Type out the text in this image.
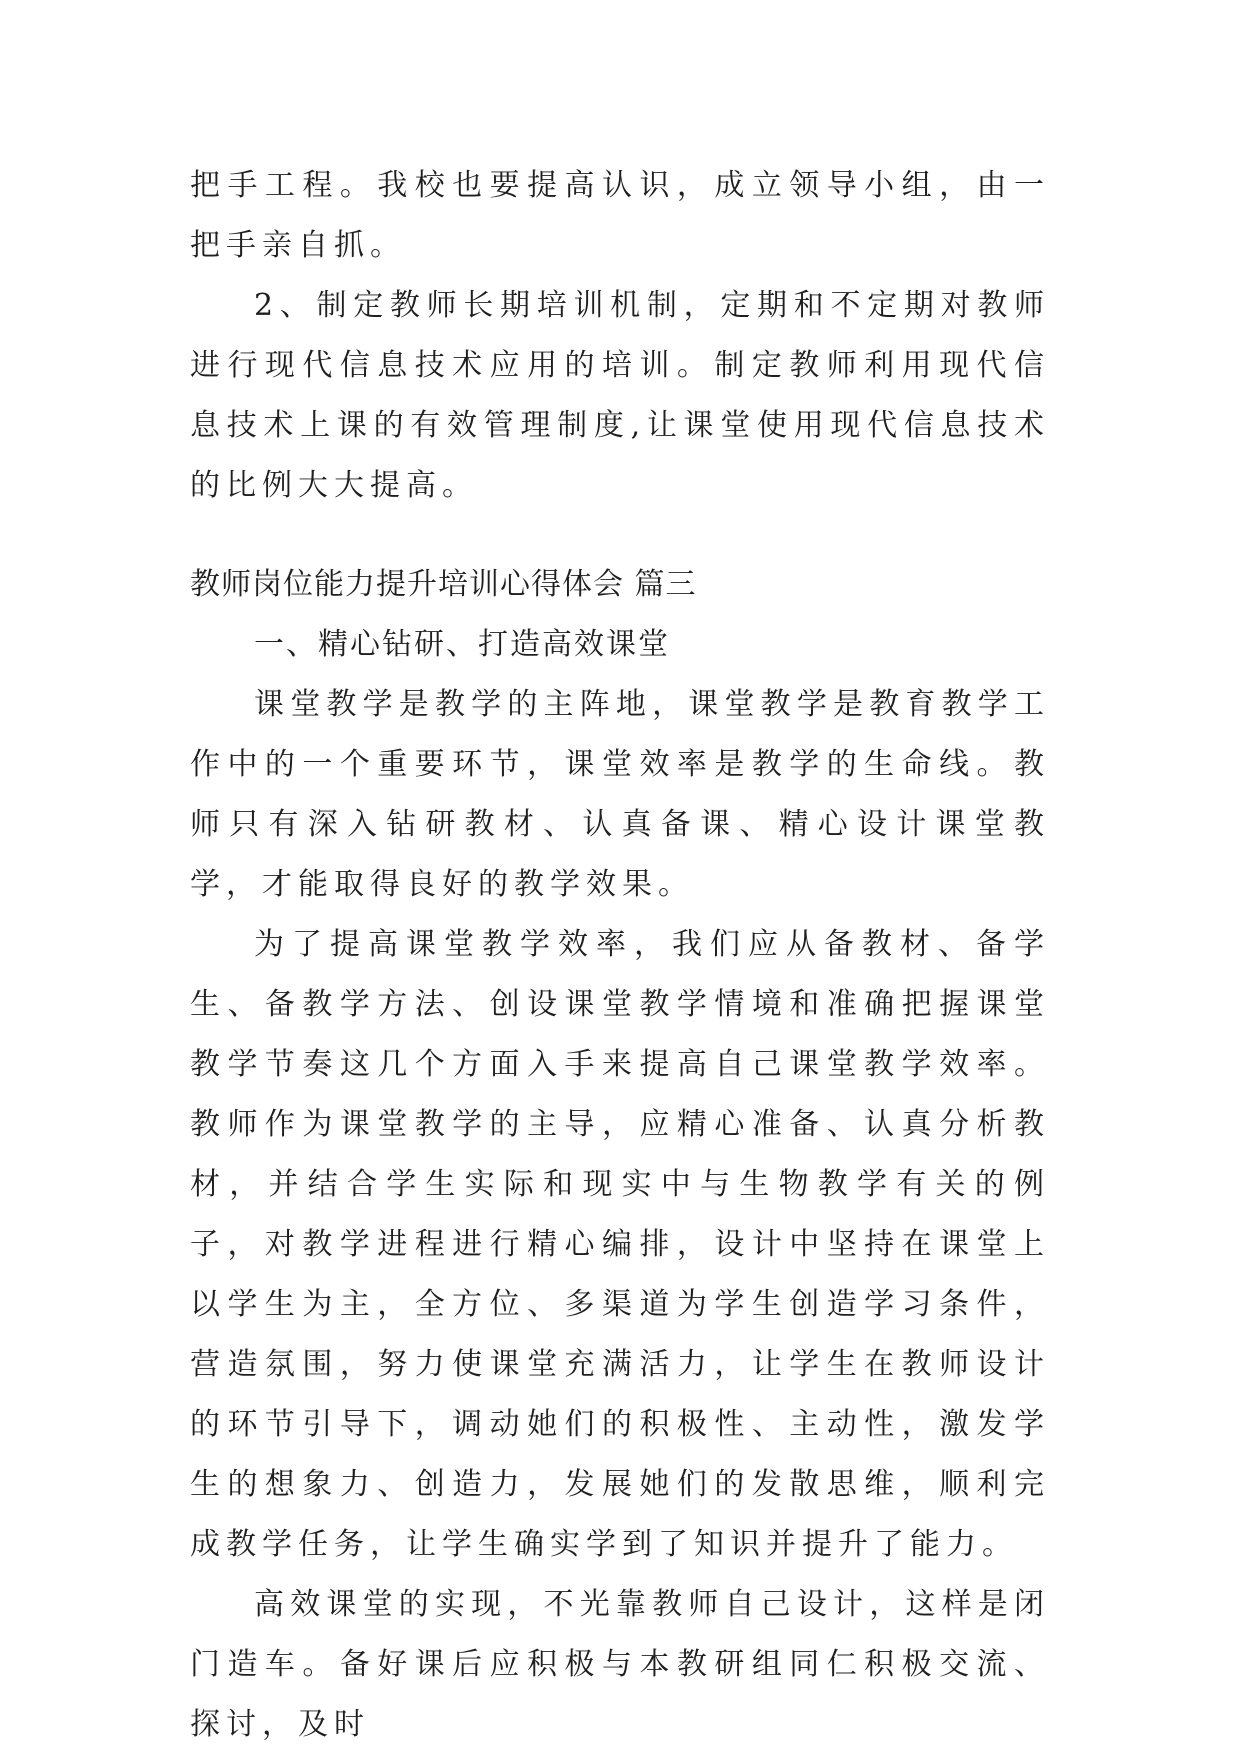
把手工程。我校也要提高认识，成立领导小组，由一把手亲自抓。

2、制定教师长期培训机制，定期和不定期对教师进行现代信息技术应用的培训。制定教师利用现代信息技术上课的有效管理制度,让课堂使用现代信息技术的比例大大提高。

教师岗位能力提升培训心得体会 篇三
一、精心钻研、打造高效课堂

课堂教学是教学的主阵地，课堂教学是教育教学工作中的一个重要环节，课堂效率是教学的生命线。教师只有深入钻研教材、认真备课、精心设计课堂教学，才能取得良好的教学效果。

为了提高课堂教学效率，我们应从备教材、备学生、备教学方法、创设课堂教学情境和准确把握课堂教学节奏这几个方面入手来提高自己课堂教学效率。教师作为课堂教学的主导，应精心准备、认真分析教材，并结合学生实际和现实中与生物教学有关的例子，对教学进程进行精心编排，设计中坚持在课堂上以学生为主，全方位、多渠道为学生创造学习条件，营造氛围，努力使课堂充满活力，让学生在教师设计的环节引导下，调动她们的积极性、主动性，激发学生的想象力、创造力，发展她们的发散思维，顺利完成教学任务，让学生确实学到了知识并提升了能力。

高效课堂的实现，不光靠教师自己设计，这样是闭门造车。备好课后应积极与本教研组同仁积极交流、探讨，及时
